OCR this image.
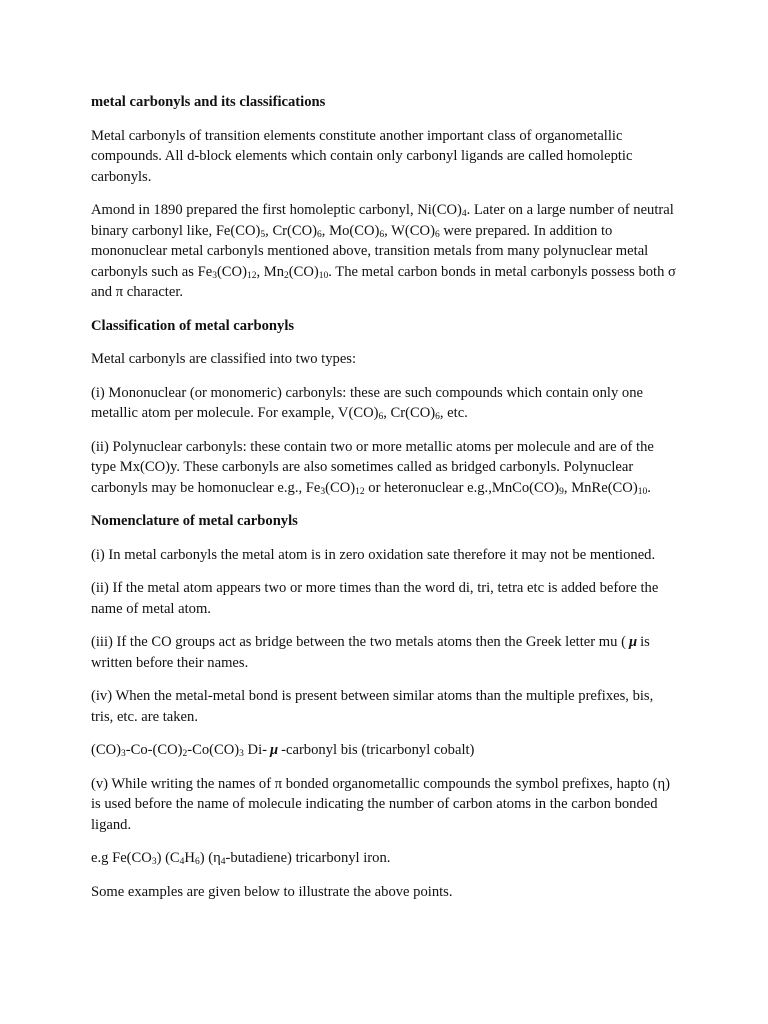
metal carbonyls and its classifications

Metal carbonyls of transition elements constitute another important class of organometallic compounds. All d-block elements which contain only carbonyl ligands are called homoleptic carbonyls.

Amond in 1890 prepared the first homoleptic carbonyl, $Ni(CO)_4$. Later on a large number of neutral binary carbonyl like, $Fe(CO)_5$, $Cr(CO)_6$, $Mo(CO)_6$, $W(CO)_6$ were prepared. In addition to mononuclear metal carbonyls mentioned above, transition metals from many polynuclear metal carbonyls such as $Fe_3(CO)_{12}$, $Mn_2(CO)_{10}$. The metal carbon bonds in metal carbonyls possess both σ and π character.

Classification of metal carbonyls

Metal carbonyls are classified into two types:

(i) Mononuclear (or monomeric) carbonyls: these are such compounds which contain only one metallic atom per molecule. For example, $V(CO)_6$, $Cr(CO)_6$, etc.

(ii) Polynuclear carbonyls: these contain two or more metallic atoms per molecule and are of the type Mx(CO)y. These carbonyls are also sometimes called as bridged carbonyls. Polynuclear carbonyls may be homonuclear e.g., $Fe_3(CO)_{12}$ or heteronuclear $e.g.,MnCo(CO)_9$, $MnRe(CO)_{10}$.

Nomenclature of metal carbonyls

(i) In metal carbonyls the metal atom is in zero oxidation sate therefore it may not be mentioned.

(ii) If the metal atom appears two or more times than the word di, tri, tetra etc is added before the name of metal atom.

(iii) If the CO groups act as bridge between the two metals atoms then the Greek letter mu ( μ is written before their names.

(iv) When the metal-metal bond is present between similar atoms than the multiple prefixes, bis, tris, etc. are taken.

$(CO)_3-Co-(CO)_2-Co(CO)_3$ Di- μ -carbonyl bis (tricarbonyl cobalt)

(v) While writing the names of π bonded organometallic compounds the symbol prefixes, hapto (η) is used before the name of molecule indicating the number of carbon atoms in the carbon bonded ligand.

e.g $Fe(CO_3)$ $(C_4H_6)$ $(\eta_4-butadiene)$ tricarbonyl iron.

Some examples are given below to illustrate the above points.
